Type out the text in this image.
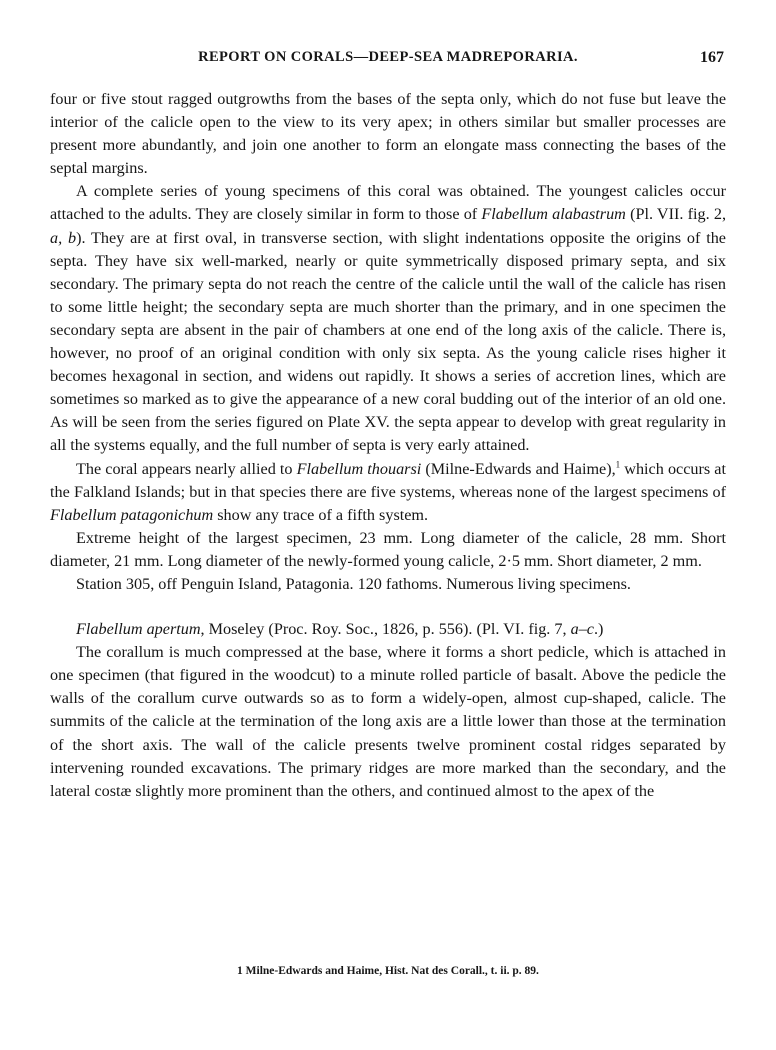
REPORT ON CORALS—DEEP-SEA MADREPORARIA.	167

four or five stout ragged outgrowths from the bases of the septa only, which do not fuse but leave the interior of the calicle open to the view to its very apex; in others similar but smaller processes are present more abundantly, and join one another to form an elongate mass connecting the bases of the septal margins.

A complete series of young specimens of this coral was obtained. The youngest calicles occur attached to the adults. They are closely similar in form to those of Flabellum alabastrum (Pl. VII. fig. 2, a, b). They are at first oval, in transverse section, with slight indentations opposite the origins of the septa. They have six well-marked, nearly or quite symmetrically disposed primary septa, and six secondary. The primary septa do not reach the centre of the calicle until the wall of the calicle has risen to some little height; the secondary septa are much shorter than the primary, and in one specimen the secondary septa are absent in the pair of chambers at one end of the long axis of the calicle. There is, however, no proof of an original condition with only six septa. As the young calicle rises higher it becomes hexagonal in section, and widens out rapidly. It shows a series of accretion lines, which are sometimes so marked as to give the appearance of a new coral budding out of the interior of an old one. As will be seen from the series figured on Plate XV. the septa appear to develop with great regularity in all the systems equally, and the full number of septa is very early attained.

The coral appears nearly allied to Flabellum thouarsi (Milne-Edwards and Haime),$^1$ which occurs at the Falkland Islands; but in that species there are five systems, whereas none of the largest specimens of Flabellum patagonichum show any trace of a fifth system.

Extreme height of the largest specimen, 23 mm. Long diameter of the calicle, 28 mm. Short diameter, 21 mm. Long diameter of the newly-formed young calicle, 2·5 mm. Short diameter, 2 mm.

Station 305, off Penguin Island, Patagonia. 120 fathoms. Numerous living specimens.

Flabellum apertum, Moseley (Proc. Roy. Soc., 1826, p. 556). (Pl. VI. fig. 7, a–c.)

The corallum is much compressed at the base, where it forms a short pedicle, which is attached in one specimen (that figured in the woodcut) to a minute rolled particle of basalt. Above the pedicle the walls of the corallum curve outwards so as to form a widely-open, almost cup-shaped, calicle. The summits of the calicle at the termination of the long axis are a little lower than those at the termination of the short axis. The wall of the calicle presents twelve prominent costal ridges separated by intervening rounded excavations. The primary ridges are more marked than the secondary, and the lateral costæ slightly more prominent than the others, and continued almost to the apex of the

1 Milne-Edwards and Haime, Hist. Nat des Corall., t. ii. p. 89.
